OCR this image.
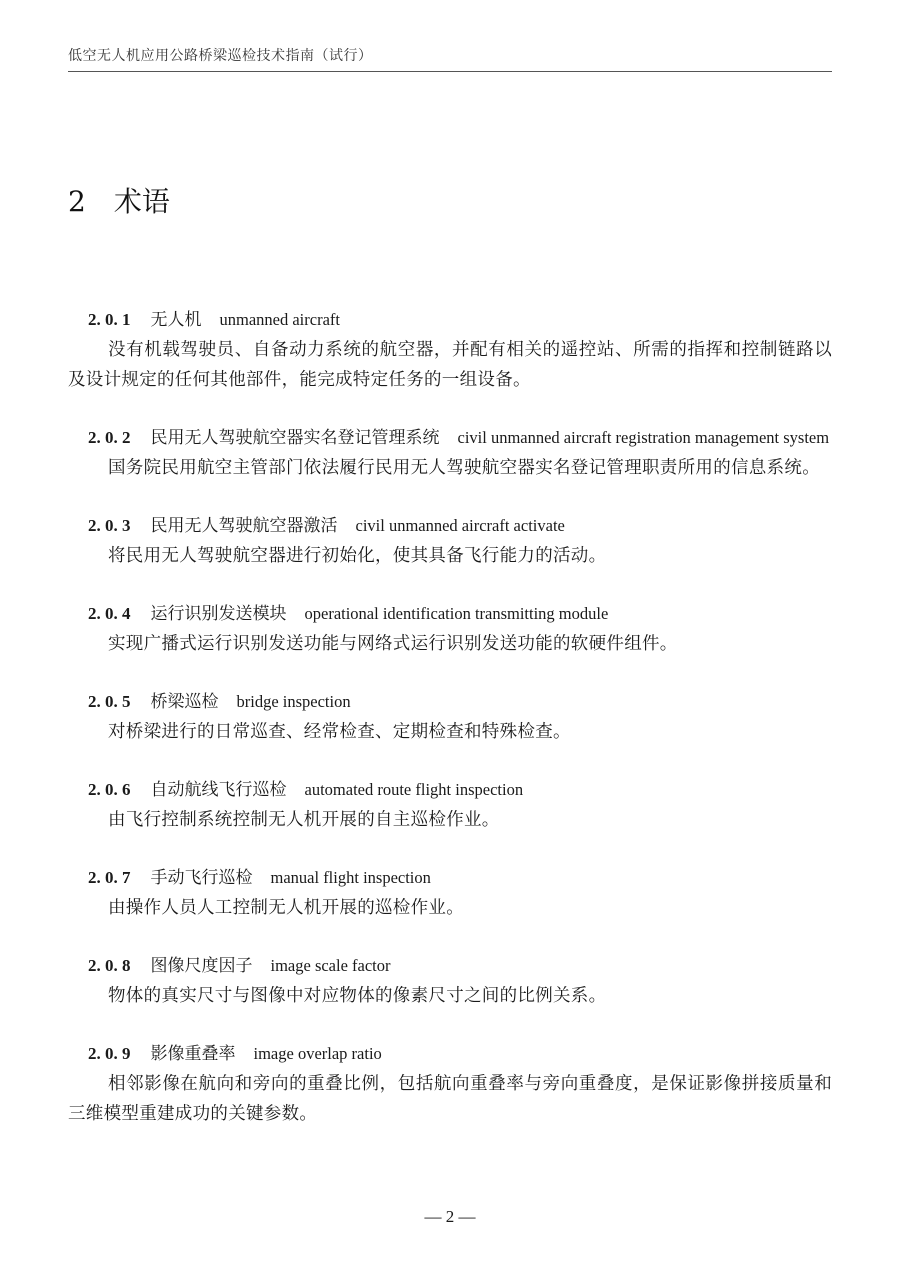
低空无人机应用公路桥梁巡检技术指南（试行）
2 术语
2. 0. 1 无人机 unmanned aircraft
没有机载驾驶员、自备动力系统的航空器，并配有相关的遥控站、所需的指挥和控制链路以及设计规定的任何其他部件，能完成特定任务的一组设备。
2. 0. 2 民用无人驾驶航空器实名登记管理系统 civil unmanned aircraft registration management system
国务院民用航空主管部门依法履行民用无人驾驶航空器实名登记管理职责所用的信息系统。
2. 0. 3 民用无人驾驶航空器激活 civil unmanned aircraft activate
将民用无人驾驶航空器进行初始化，使其具备飞行能力的活动。
2. 0. 4 运行识别发送模块 operational identification transmitting module
实现广播式运行识别发送功能与网络式运行识别发送功能的软硬件组件。
2. 0. 5 桥梁巡检 bridge inspection
对桥梁进行的日常巡查、经常检查、定期检查和特殊检查。
2. 0. 6 自动航线飞行巡检 automated route flight inspection
由飞行控制系统控制无人机开展的自主巡检作业。
2. 0. 7 手动飞行巡检 manual flight inspection
由操作人员人工控制无人机开展的巡检作业。
2. 0. 8 图像尺度因子 image scale factor
物体的真实尺寸与图像中对应物体的像素尺寸之间的比例关系。
2. 0. 9 影像重叠率 image overlap ratio
相邻影像在航向和旁向的重叠比例，包括航向重叠率与旁向重叠度，是保证影像拼接质量和三维模型重建成功的关键参数。
— 2 —
